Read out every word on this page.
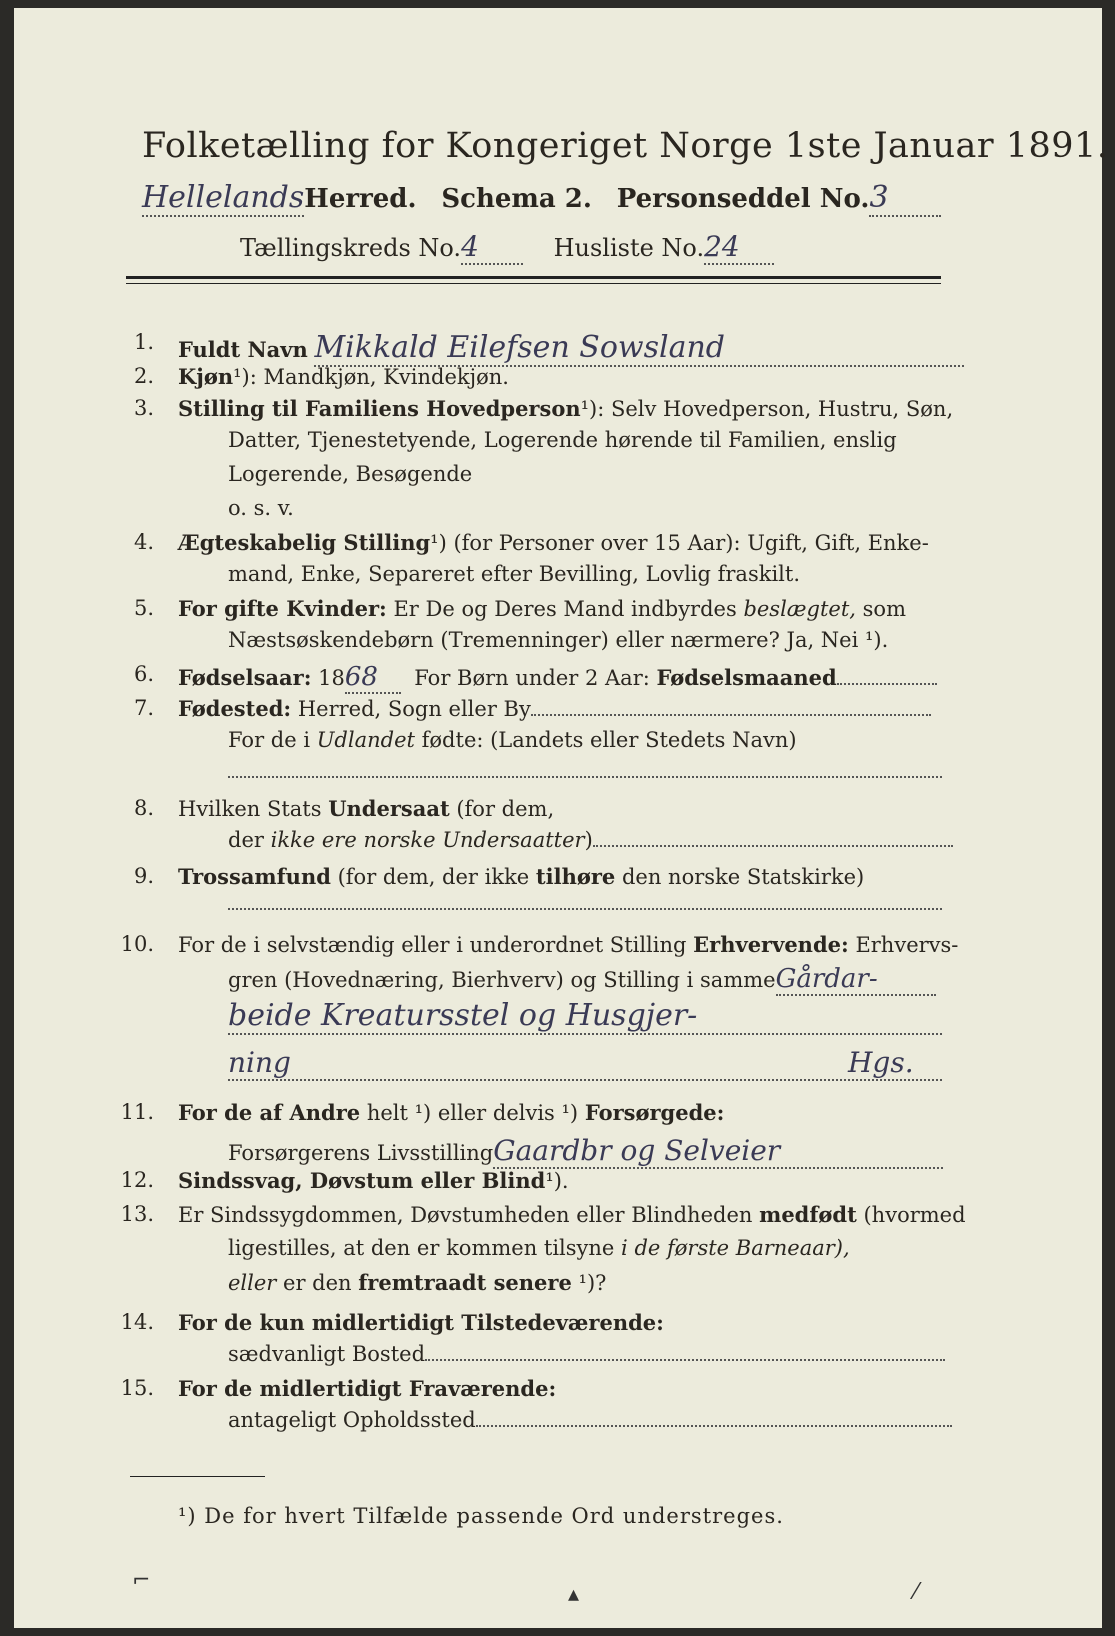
Folketælling for Kongeriget Norge 1ste Januar 1891.
HellelandsHerred. Schema 2. Personseddel No.3
Tællingskreds No.4	Husliste No.24
1. Fuldt Navn Mikkald Eilefsen Sowsland
2. Kjøn¹): Mandkjøn, Kvindekjøn.
3. Stilling til Familiens Hovedperson¹): Selv Hovedperson, Hustru, Søn,
Datter, Tjenestetyende, Logerende hørende til Familien, enslig
Logerende, Besøgende
o. s. v.
4. Ægteskabelig Stilling¹) (for Personer over 15 Aar): Ugift, Gift, Enke-
mand, Enke, Separeret efter Bevilling, Lovlig fraskilt.
5. For gifte Kvinder: Er De og Deres Mand indbyrdes beslægtet, som
Næstsøskendebørn (Tremenninger) eller nærmere? Ja, Nei ¹).
6. Fødselsaar: 1868 For Børn under 2 Aar: Fødselsmaaned
7. Fødested: Herred, Sogn eller By
For de i Udlandet fødte: (Landets eller Stedets Navn)
8. Hvilken Stats Undersaat (for dem,
der ikke ere norske Undersaatter)
9. Trossamfund (for dem, der ikke tilhøre den norske Statskirke)
10. For de i selvstændig eller i underordnet Stilling Erhvervende: Erhvervs-
gren (Hovednæring, Bierhverv) og Stilling i sammeGårdar-
beide Kreatursstel og Husgjer-
ning	Hgs.
11. For de af Andre helt ¹) eller delvis ¹) Forsørgede:
Forsørgerens LivsstillingGaardbr og Selveier
12. Sindssvag, Døvstum eller Blind¹).
13. Er Sindssygdommen, Døvstumheden eller Blindheden medfødt (hvormed
ligestilles, at den er kommen tilsyne i de første Barneaar),
eller er den fremtraadt senere ¹)?
14. For de kun midlertidigt Tilstedeværende:
sædvanligt Bosted
15. For de midlertidigt Fraværende:
antageligt Opholdssted
¹) De for hvert Tilfælde passende Ord understreges.
⌐
▴	⁄
